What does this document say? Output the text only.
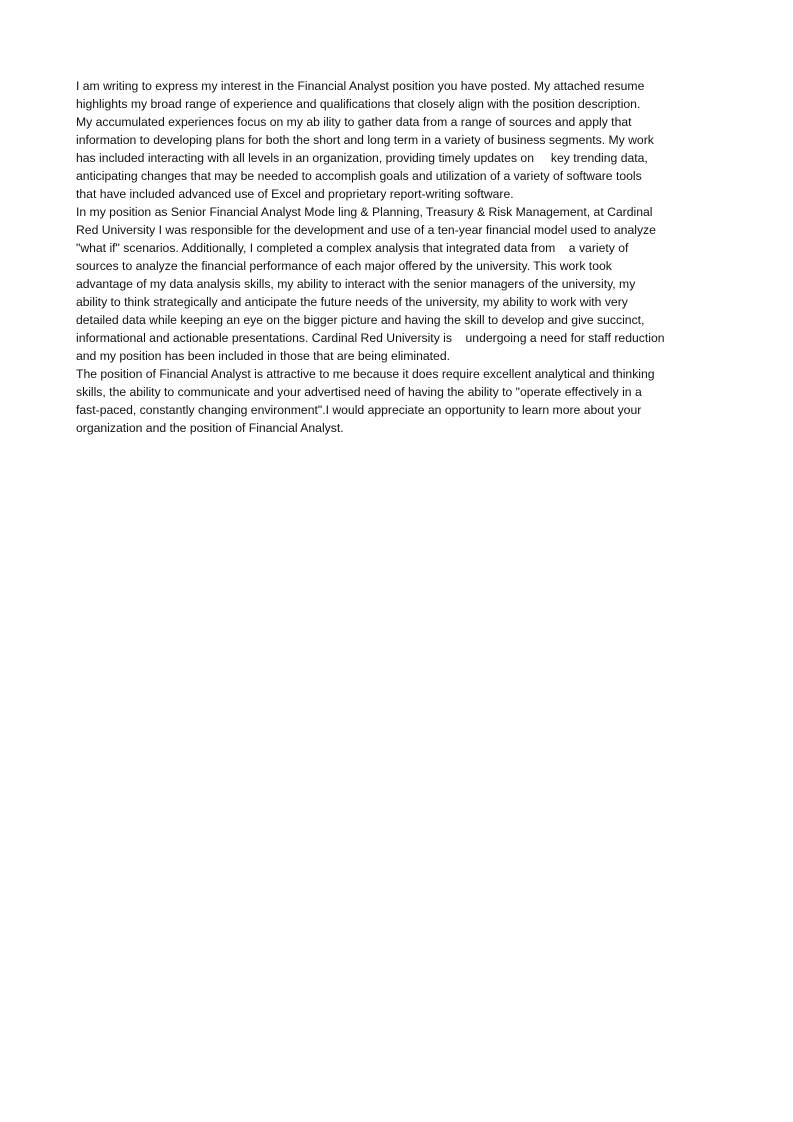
I am writing to express my interest in the Financial Analyst position you have posted. My attached resume
highlights my broad range of experience and qualifications that closely align with the position description.
My accumulated experiences focus on my ab ility to gather data from a range of sources and apply that
information to developing plans for both the short and long term in a variety of business segments. My work
has included interacting with all levels in an organization, providing timely updates on     key trending data,
anticipating changes that may be needed to accomplish goals and utilization of a variety of software tools
that have included advanced use of Excel and proprietary report-writing software.
In my position as Senior Financial Analyst Mode ling & Planning, Treasury & Risk Management, at Cardinal
Red University I was responsible for the development and use of a ten-year financial model used to analyze
"what if" scenarios. Additionally, I completed a complex analysis that integrated data from    a variety of
sources to analyze the financial performance of each major offered by the university. This work took
advantage of my data analysis skills, my ability to interact with the senior managers of the university, my
ability to think strategically and anticipate the future needs of the university, my ability to work with very
detailed data while keeping an eye on the bigger picture and having the skill to develop and give succinct,
informational and actionable presentations. Cardinal Red University is    undergoing a need for staff reduction
and my position has been included in those that are being eliminated.
The position of Financial Analyst is attractive to me because it does require excellent analytical and thinking
skills, the ability to communicate and your advertised need of having the ability to "operate effectively in a
fast-paced, constantly changing environment".I would appreciate an opportunity to learn more about your
organization and the position of Financial Analyst.
